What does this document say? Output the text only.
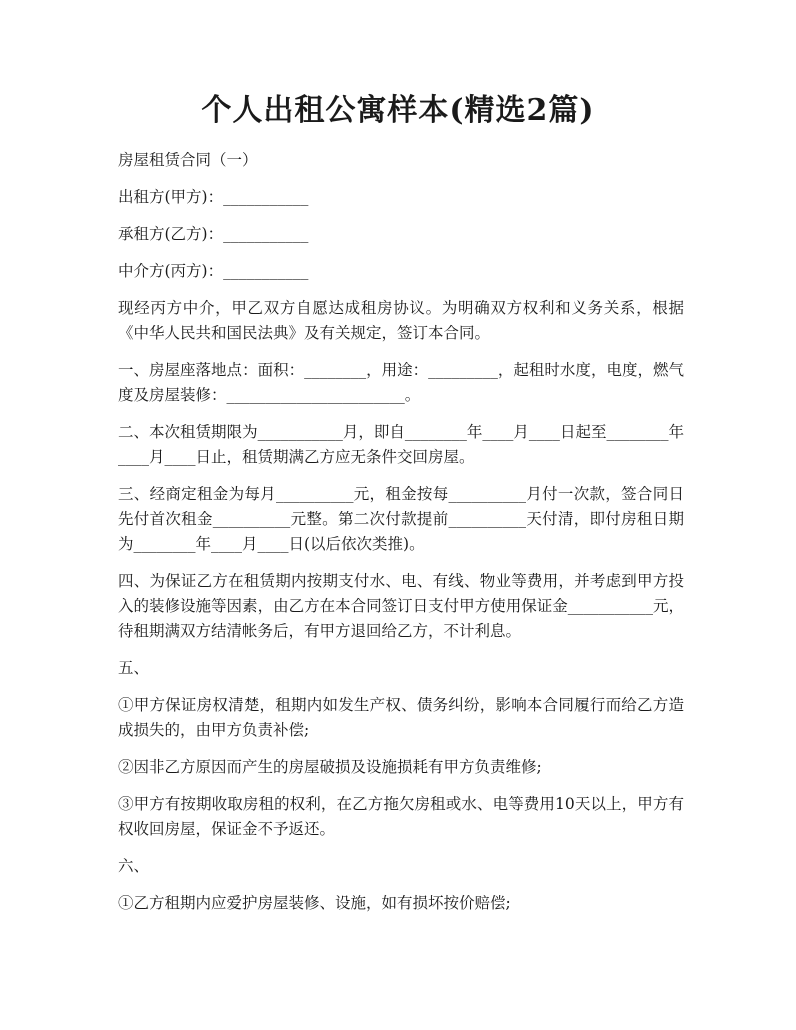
个人出租公寓样本(精选2篇)

房屋租赁合同（一）

出租方(甲方)：___________

承租方(乙方)：___________

中介方(丙方)：___________

现经丙方中介，甲乙双方自愿达成租房协议。为明确双方权利和义务关系，根据《中华人民共和国民法典》及有关规定，签订本合同。

一、房屋座落地点：面积：________，用途：_________，起租时水度，电度，燃气度及房屋装修：_______________________。

二、本次租赁期限为___________月，即自________年____月____日起至________年____月____日止，租赁期满乙方应无条件交回房屋。

三、经商定租金为每月__________元，租金按每__________月付一次款，签合同日先付首次租金__________元整。第二次付款提前__________天付清，即付房租日期为________年____月____日(以后依次类推)。

四、为保证乙方在租赁期内按期支付水、电、有线、物业等费用，并考虑到甲方投入的装修设施等因素，由乙方在本合同签订日支付甲方使用保证金___________元，待租期满双方结清帐务后，有甲方退回给乙方，不计利息。

五、

①甲方保证房权清楚，租期内如发生产权、债务纠纷，影响本合同履行而给乙方造成损失的，由甲方负责补偿;

②因非乙方原因而产生的房屋破损及设施损耗有甲方负责维修;

③甲方有按期收取房租的权利，在乙方拖欠房租或水、电等费用10天以上，甲方有权收回房屋，保证金不予返还。

六、

①乙方租期内应爱护房屋装修、设施，如有损坏按价赔偿;
